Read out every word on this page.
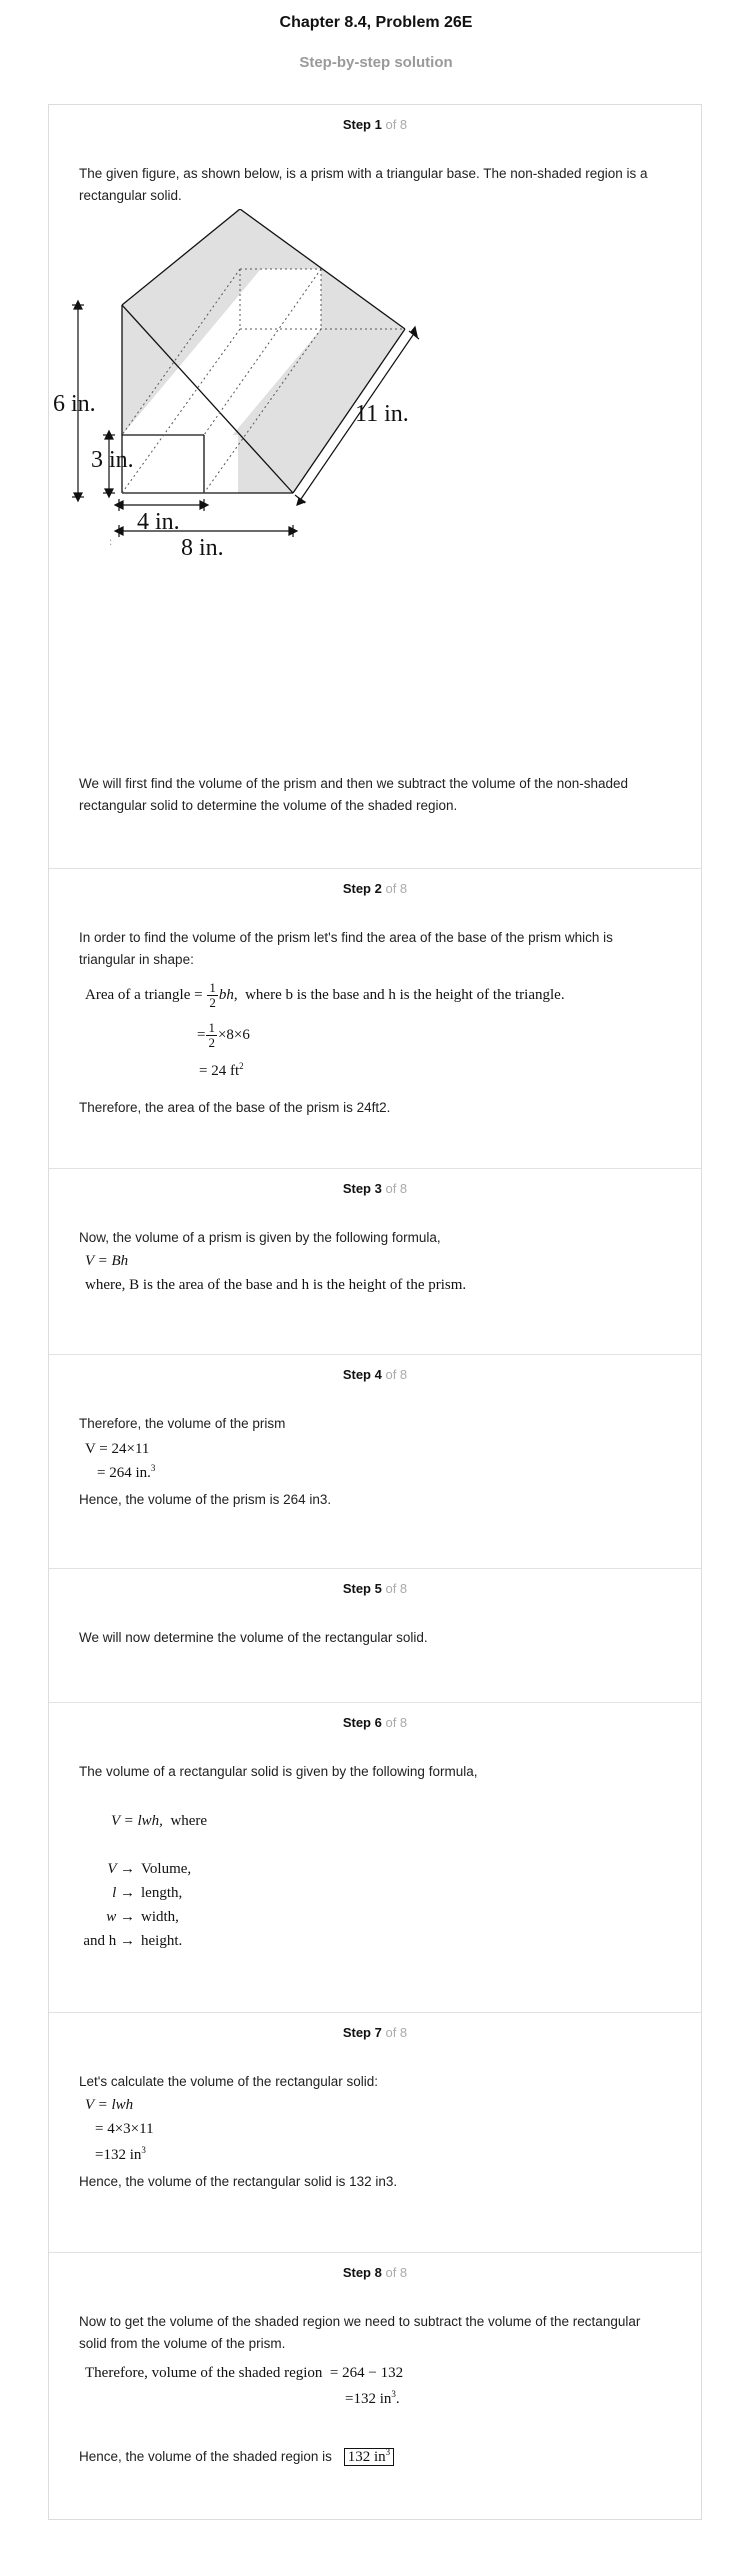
Chapter 8.4, Problem 26E
Step-by-step solution
Step 1 of 8
The given figure, as shown below, is a prism with a triangular base. The non-shaded region is a rectangular solid.
6 in.
3 in.
4 in.
8 in.
11 in.
:
We will first find the volume of the prism and then we subtract the volume of the non-shaded rectangular solid to determine the volume of the shaded region.
Step 2 of 8
In order to find the volume of the prism let's find the area of the base of the prism which is triangular in shape:
Area of a triangle = $\frac{1}{2}$ bh, where b is the base and h is the height of the triangle.
= $\frac{1}{2} \times 8\times 6$
= 24 $ft^2$
Therefore, the area of the base of the prism is 24ft2.
Step 3 of 8
Now, the volume of a prism is given by the following formula,
V = Bh
where, B is the area of the base and h is the height of the prism.
Step 4 of 8
Therefore, the volume of the prism
V = 24×11
= 264 in.$^3$
Hence, the volume of the prism is 264 in3.
Step 5 of 8
We will now determine the volume of the rectangular solid.
Step 6 of 8
The volume of a rectangular solid is given by the following formula,
V = lwh, where
V → Volume,
l → length,
w → width,
and h → height.
Step 7 of 8
Let's calculate the volume of the rectangular solid:
V = lwh
= 4×3×11
=132 $in^3$
Hence, the volume of the rectangular solid is 132 in3.
Step 8 of 8
Now to get the volume of the shaded region we need to subtract the volume of the rectangular solid from the volume of the prism.
Therefore, volume of the shaded region = 264 − 132
=132 $in^3$.
Hence, the volume of the shaded region is 132 $in^3$
